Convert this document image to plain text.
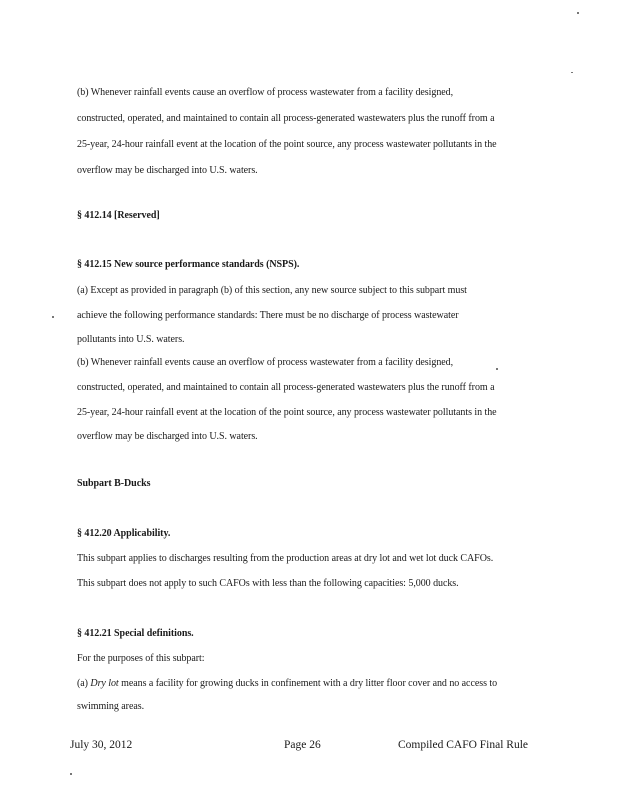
(b) Whenever rainfall events cause an overflow of process wastewater from a facility designed,
constructed, operated, and maintained to contain all process-generated wastewaters plus the runoff from a
25-year, 24-hour rainfall event at the location of the point source, any process wastewater pollutants in the
overflow may be discharged into U.S. waters.
§ 412.14 [Reserved]
§ 412.15 New source performance standards (NSPS).
(a) Except as provided in paragraph (b) of this section, any new source subject to this subpart must
achieve the following performance standards: There must be no discharge of process wastewater
pollutants into U.S. waters.
(b) Whenever rainfall events cause an overflow of process wastewater from a facility designed,
constructed, operated, and maintained to contain all process-generated wastewaters plus the runoff from a
25-year, 24-hour rainfall event at the location of the point source, any process wastewater pollutants in the
overflow may be discharged into U.S. waters.
Subpart B-Ducks
§ 412.20 Applicability.
This subpart applies to discharges resulting from the production areas at dry lot and wet lot duck CAFOs.
This subpart does not apply to such CAFOs with less than the following capacities: 5,000 ducks.
§ 412.21 Special definitions.
For the purposes of this subpart:
(a) Dry lot means a facility for growing ducks in confinement with a dry litter floor cover and no access to
swimming areas.
July 30, 2012	Page 26	Compiled CAFO Final Rule
